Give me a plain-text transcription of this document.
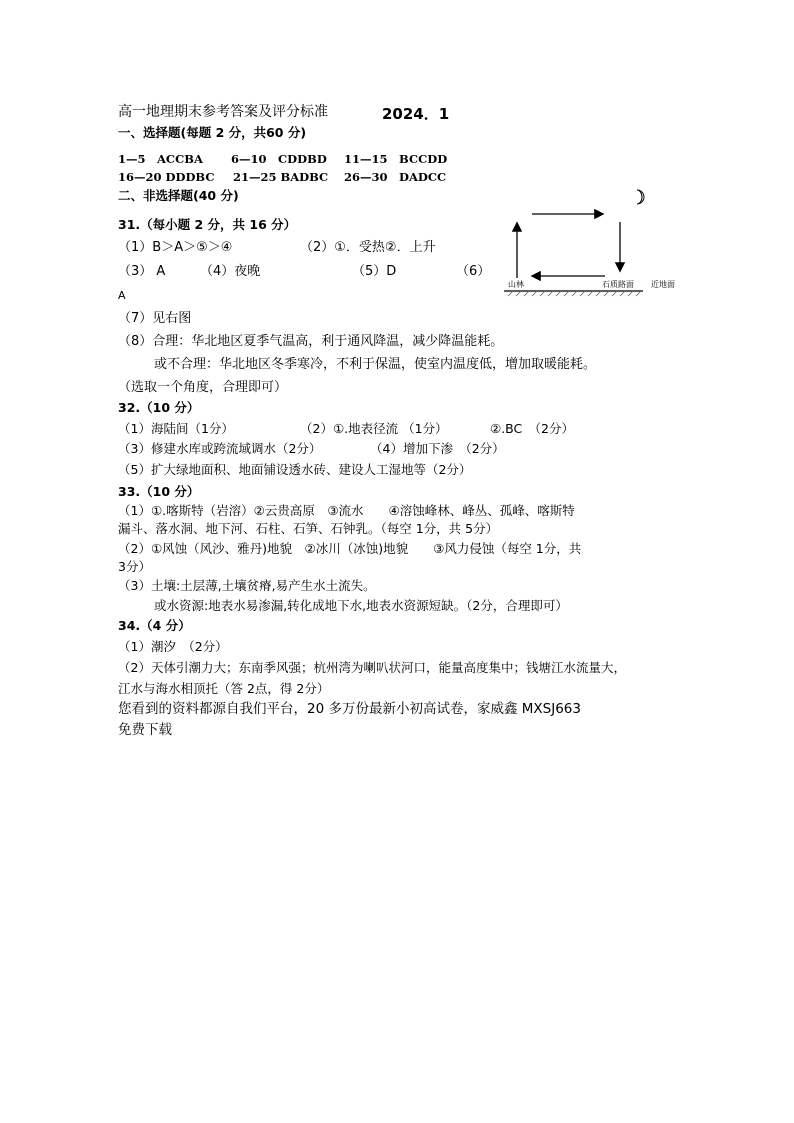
高一地理期末参考答案及评分标准	2024．1
一、选择题(每题 2 分，共60 分)
1—5　ACCBA 6—10　CDDBD 11—15　BCCDD
16—20 DDDBC 21—25 BADBC 26—30　DADCC
二、非选择题(40 分)
31.（每小题 2 分，共 16 分）
（1）B＞A＞⑤＞④	（2）①．受热②．上升
（3） A	（4）夜晚	（5）D	（6）
A
山林	石质路面 近地面
（7）见右图
（8）合理：华北地区夏季气温高，利于通风降温，减少降温能耗。
或不合理：华北地区冬季寒冷，不利于保温，使室内温度低，增加取暖能耗。
（选取一个角度，合理即可）
32.（10 分）
（1）海陆间（1分）	（2）①.地表径流 （1分）	②.BC　（2分）
（3）修建水库或跨流域调水（2分）	（4）增加下渗　（2分）
（5）扩大绿地面积、地面铺设透水砖、建设人工湿地等（2分）
33.（10 分）
（1）①.喀斯特（岩溶）②云贵高原　③流水　　④溶蚀峰林、峰丛、孤峰、喀斯特
漏斗、落水洞、地下河、石柱、石笋、石钟乳。（每空 1分，共 5分）
（2）①风蚀（风沙、雅丹)地貌　②冰川（冰蚀)地貌　　③风力侵蚀（每空 1分，共
3分）
（3）土壤:土层薄,土壤贫瘠,易产生水土流失。
或水资源:地表水易渗漏,转化成地下水,地表水资源短缺。（2分，合理即可）
34.（4 分）
（1）潮汐　（2分）
（2）天体引潮力大；东南季风强；杭州湾为喇叭状河口，能量高度集中；钱塘江水流量大，
江水与海水相顶托（答 2点，得 2分）
您看到的资料都源自我们平台，20 多万份最新小初高试卷，家威鑫 MXSJ663
免费下载
